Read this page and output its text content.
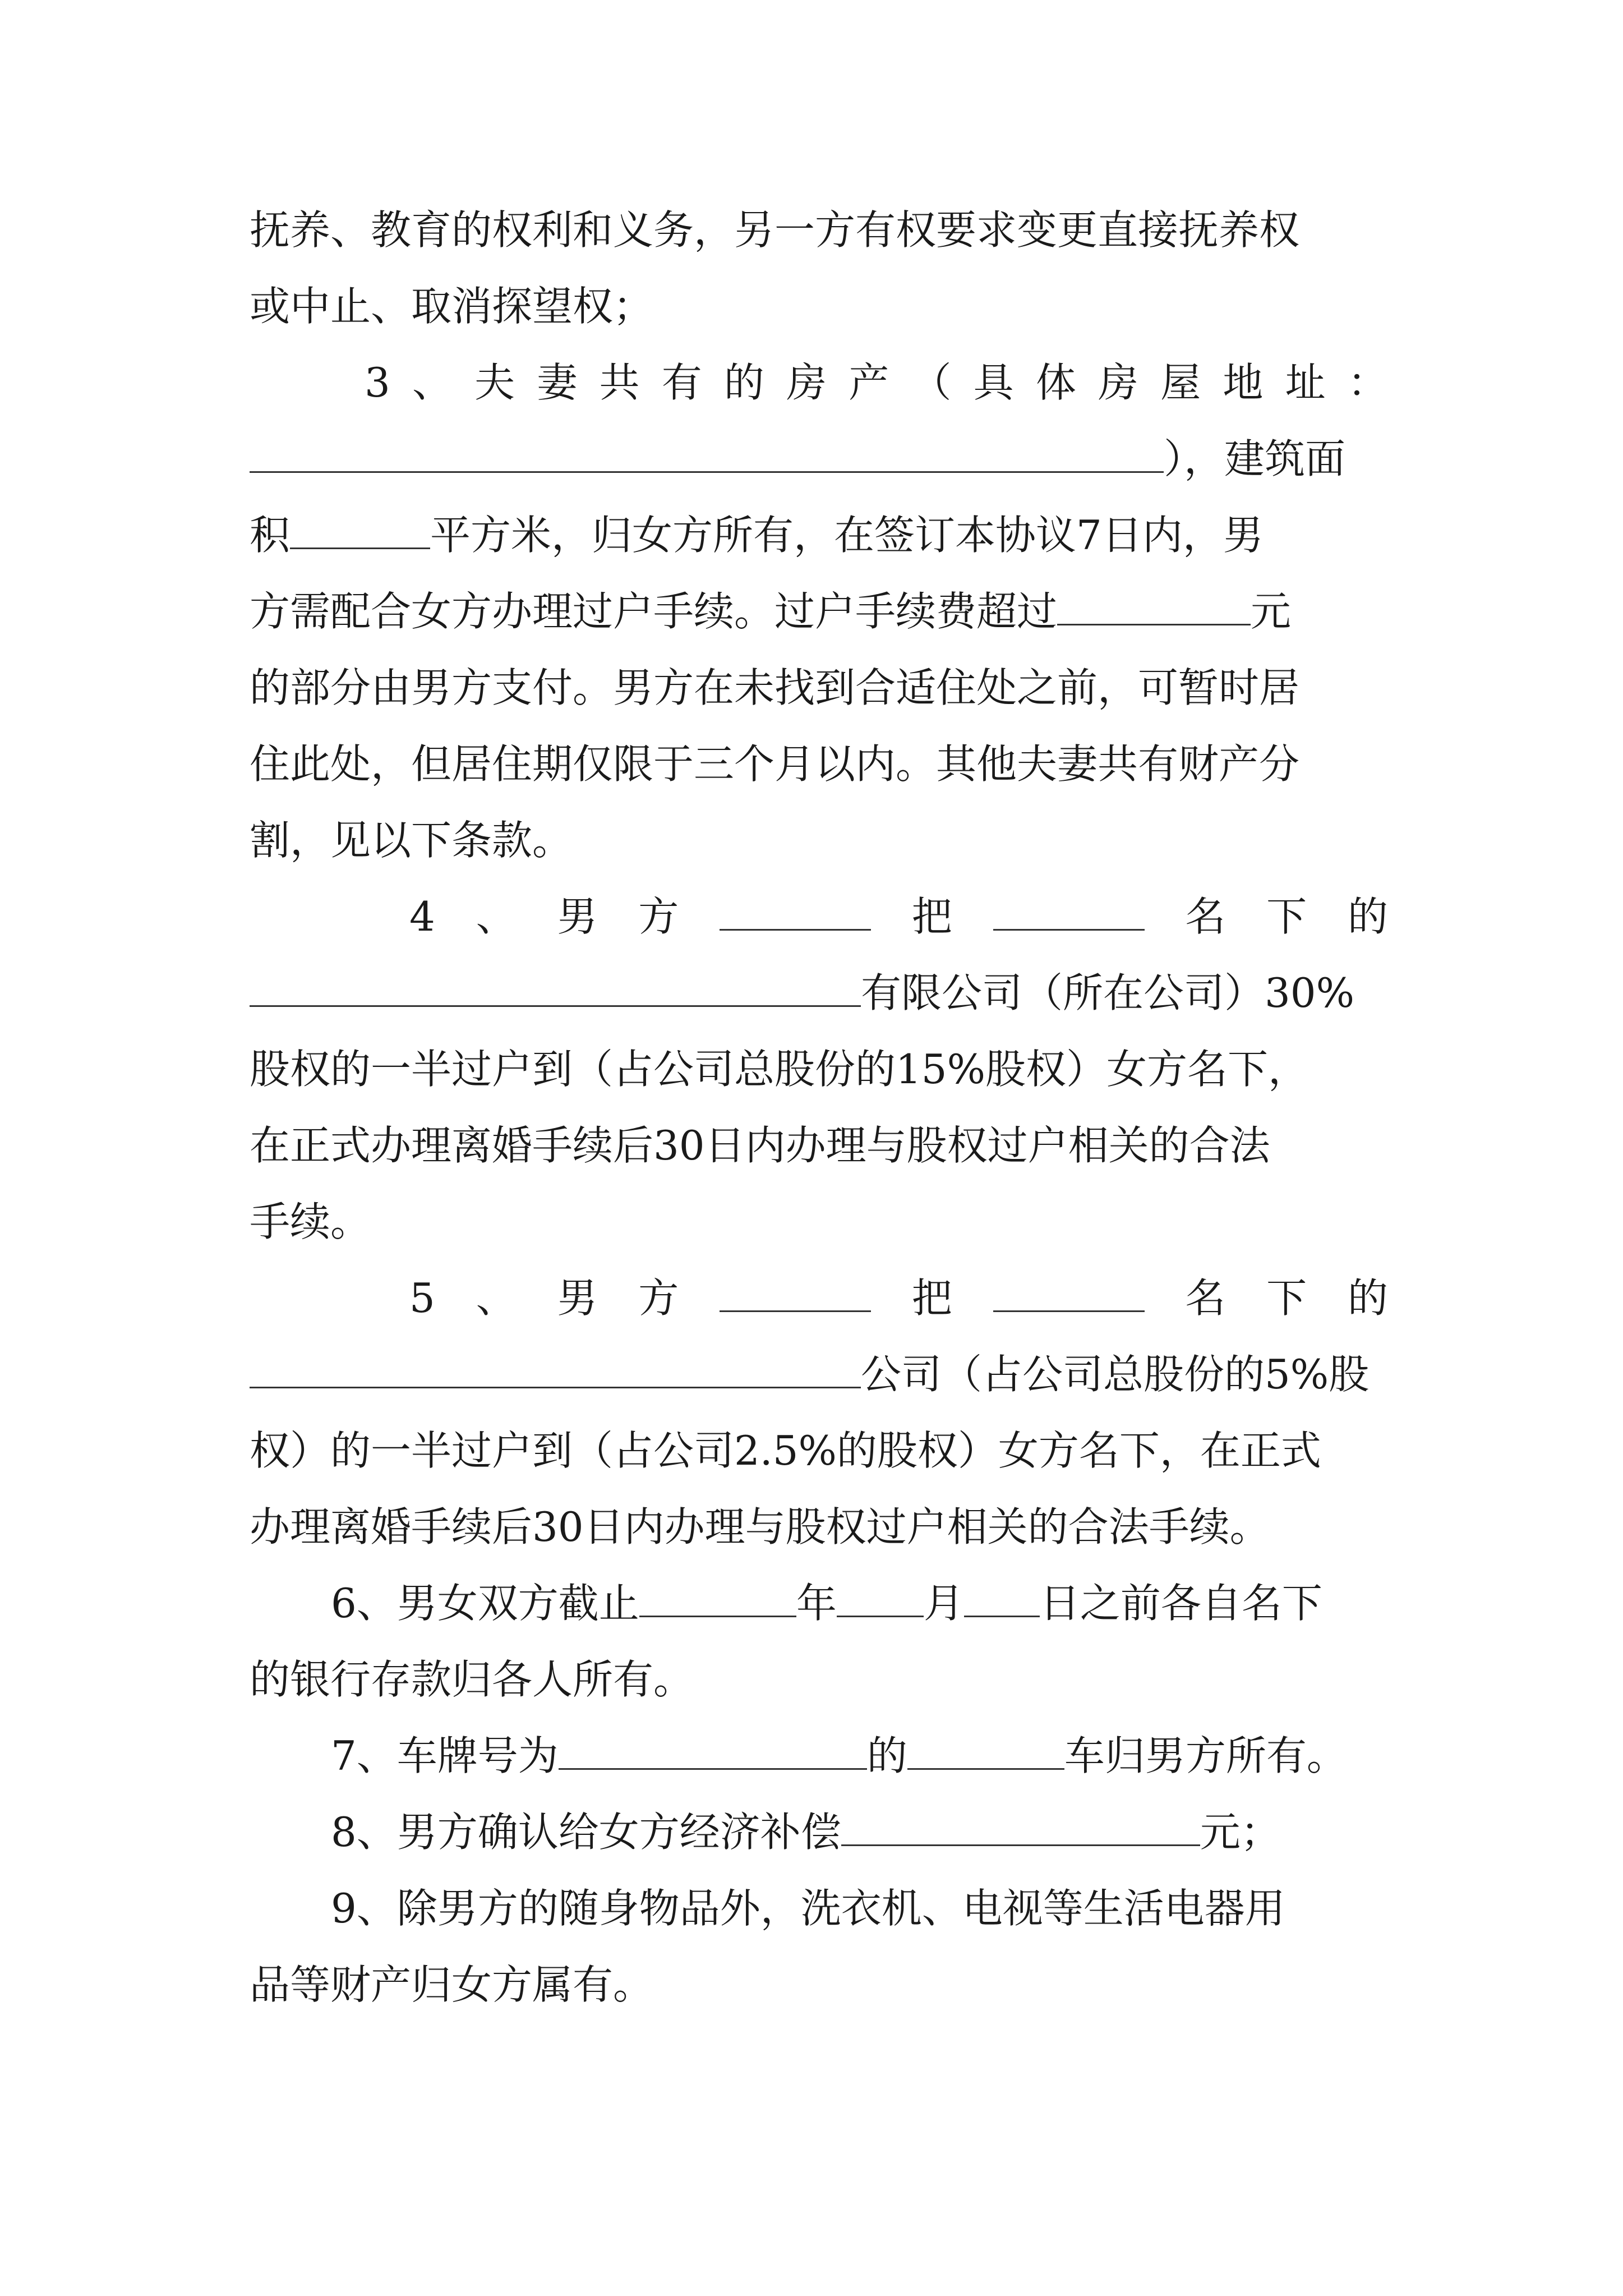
抚养、教育的权利和义务，另一方有权要求变更直接抚养权
或中止、取消探望权；
3 、 夫 妻 共 有 的 房 产 （ 具 体 房 屋 地 址 ：
），建筑面
积	平方米，归女方所有，在签订本协议7日内，男
方需配合女方办理过户手续。过户手续费超过	元
的部分由男方支付。男方在未找到合适住处之前，可暂时居
住此处，但居住期仅限于三个月以内。其他夫妻共有财产分
割，见以下条款。
4 、 男 方	把	名 下 的
有限公司（所在公司）30%
股权的一半过户到（占公司总股份的15%股权）女方名下，
在正式办理离婚手续后30日内办理与股权过户相关的合法
手续。
5 、 男 方	把	名 下 的
公司（占公司总股份的5%股
权）的一半过户到（占公司2.5%的股权）女方名下，在正式
办理离婚手续后30日内办理与股权过户相关的合法手续。
6、男女双方截止	年 月 日之前各自名下
的银行存款归各人所有。
7、车牌号为	的	车归男方所有。
8、男方确认给女方经济补偿	元；
9、除男方的随身物品外，洗衣机、电视等生活电器用
品等财产归女方属有。
